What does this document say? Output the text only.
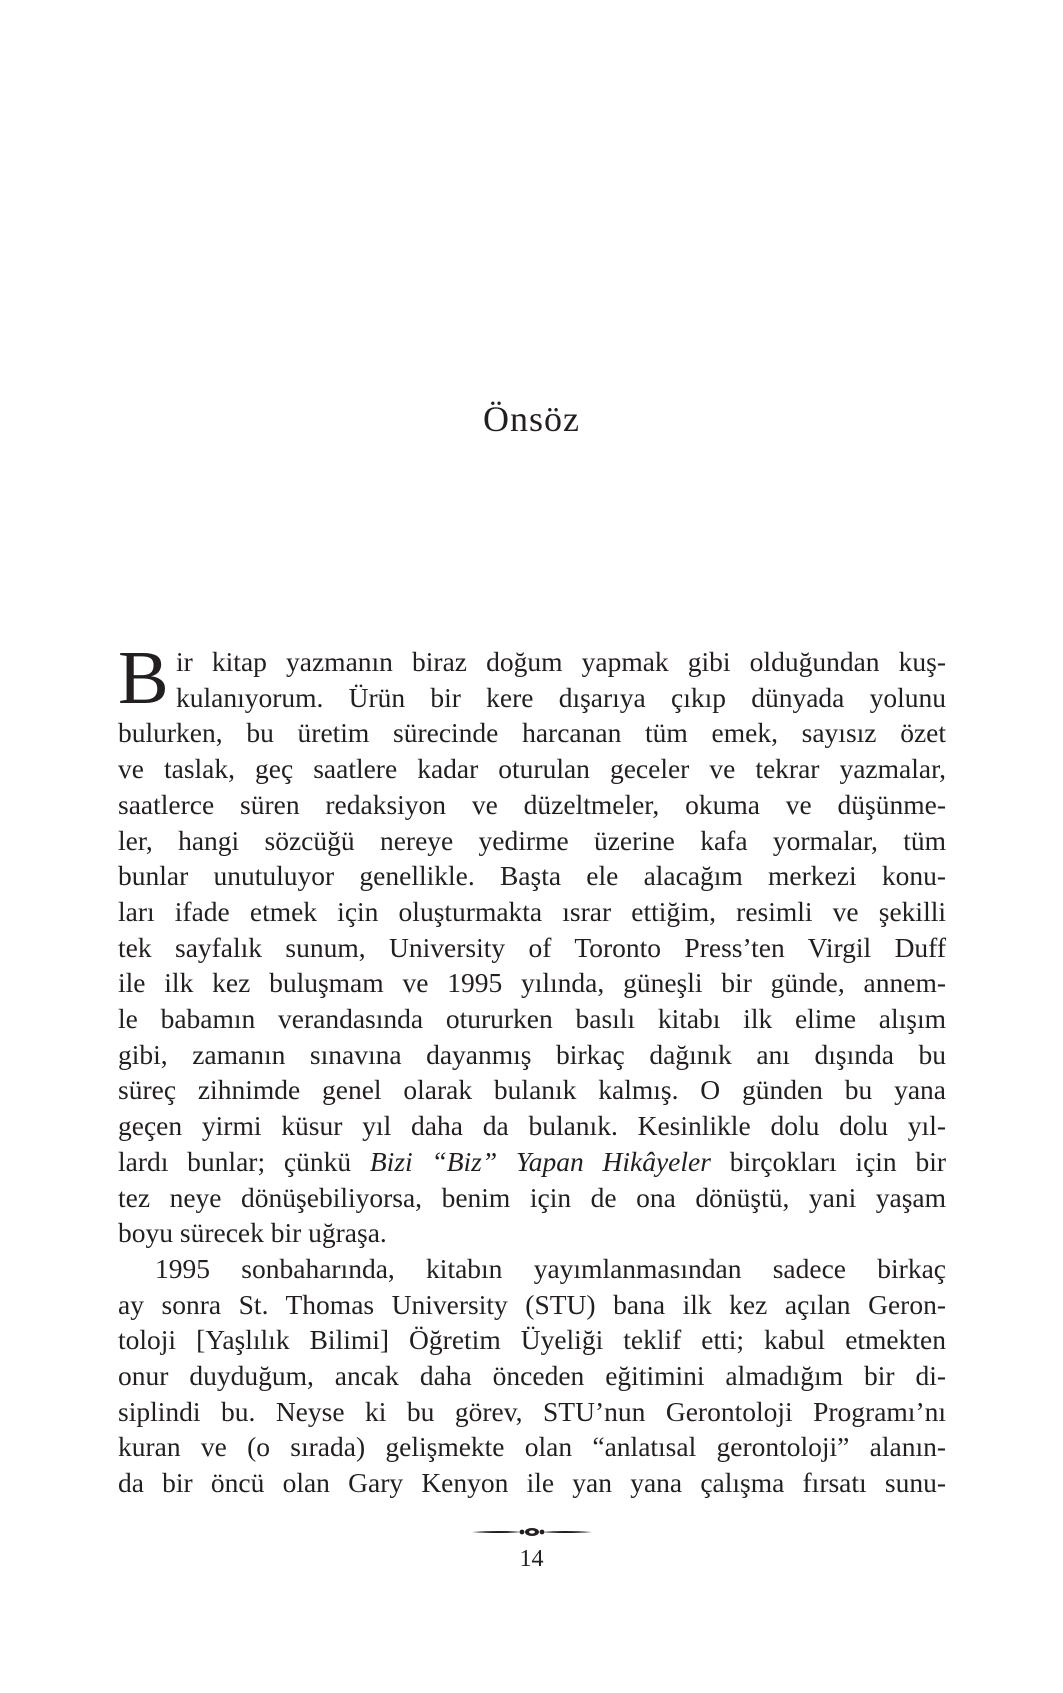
Önsöz
B ir kitap yazmanın biraz doğum yapmak gibi olduğundan kuş-
kulanıyorum. Ürün bir kere dışarıya çıkıp dünyada yolunu
bulurken, bu üretim sürecinde harcanan tüm emek, sayısız özet
ve taslak, geç saatlere kadar oturulan geceler ve tekrar yazmalar,
saatlerce süren redaksiyon ve düzeltmeler, okuma ve düşünme-
ler, hangi sözcüğü nereye yedirme üzerine kafa yormalar, tüm
bunlar unutuluyor genellikle. Başta ele alacağım merkezi konu-
ları ifade etmek için oluşturmakta ısrar ettiğim, resimli ve şekilli
tek sayfalık sunum, University of Toronto Press’ten Virgil Duff
ile ilk kez buluşmam ve 1995 yılında, güneşli bir günde, annem-
le babamın verandasında otururken basılı kitabı ilk elime alışım
gibi, zamanın sınavına dayanmış birkaç dağınık anı dışında bu
süreç zihnimde genel olarak bulanık kalmış. O günden bu yana
geçen yirmi küsur yıl daha da bulanık. Kesinlikle dolu dolu yıl-
lardı bunlar; çünkü Bizi “Biz” Yapan Hikâyeler birçokları için bir
tez neye dönüşebiliyorsa, benim için de ona dönüştü, yani yaşam
boyu sürecek bir uğraşa.
1995 sonbaharında, kitabın yayımlanmasından sadece birkaç
ay sonra St. Thomas University (STU) bana ilk kez açılan Geron-
toloji [Yaşlılık Bilimi] Öğretim Üyeliği teklif etti; kabul etmekten
onur duyduğum, ancak daha önceden eğitimini almadığım bir di-
siplindi bu. Neyse ki bu görev, STU’nun Gerontoloji Programı’nı
kuran ve (o sırada) gelişmekte olan “anlatısal gerontoloji” alanın-
da bir öncü olan Gary Kenyon ile yan yana çalışma fırsatı sunu-
14
